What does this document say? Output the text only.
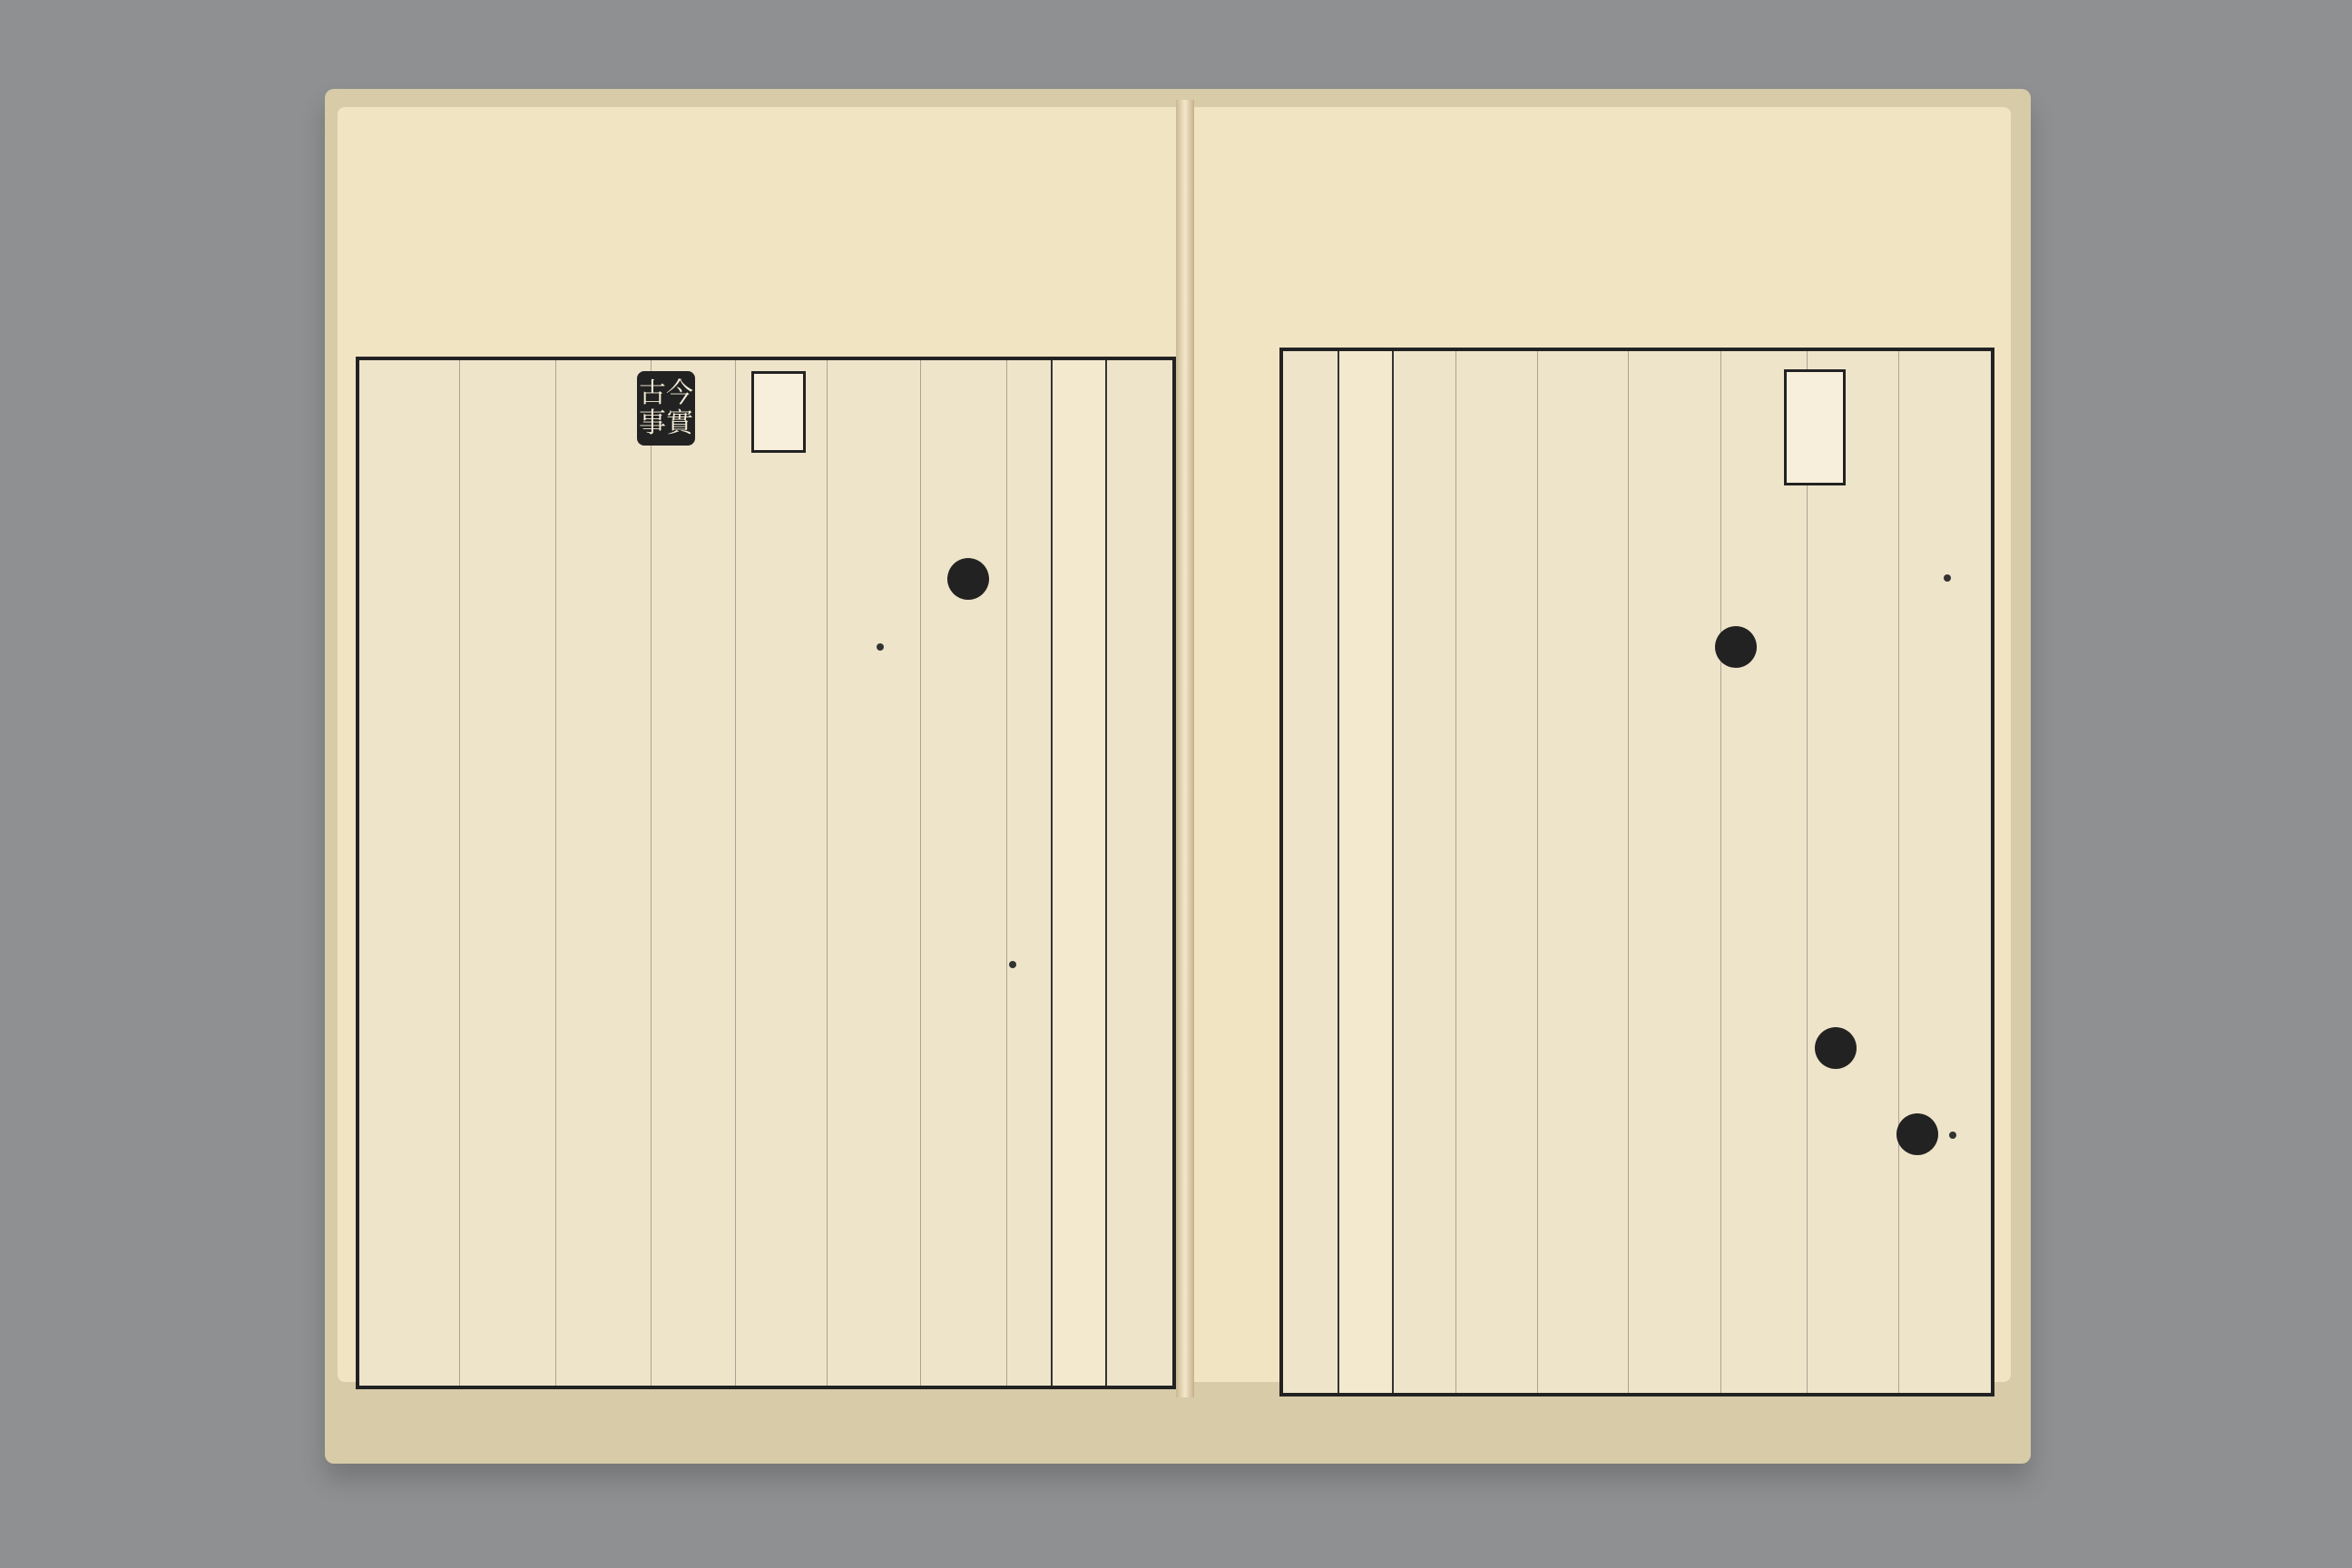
古今事實
